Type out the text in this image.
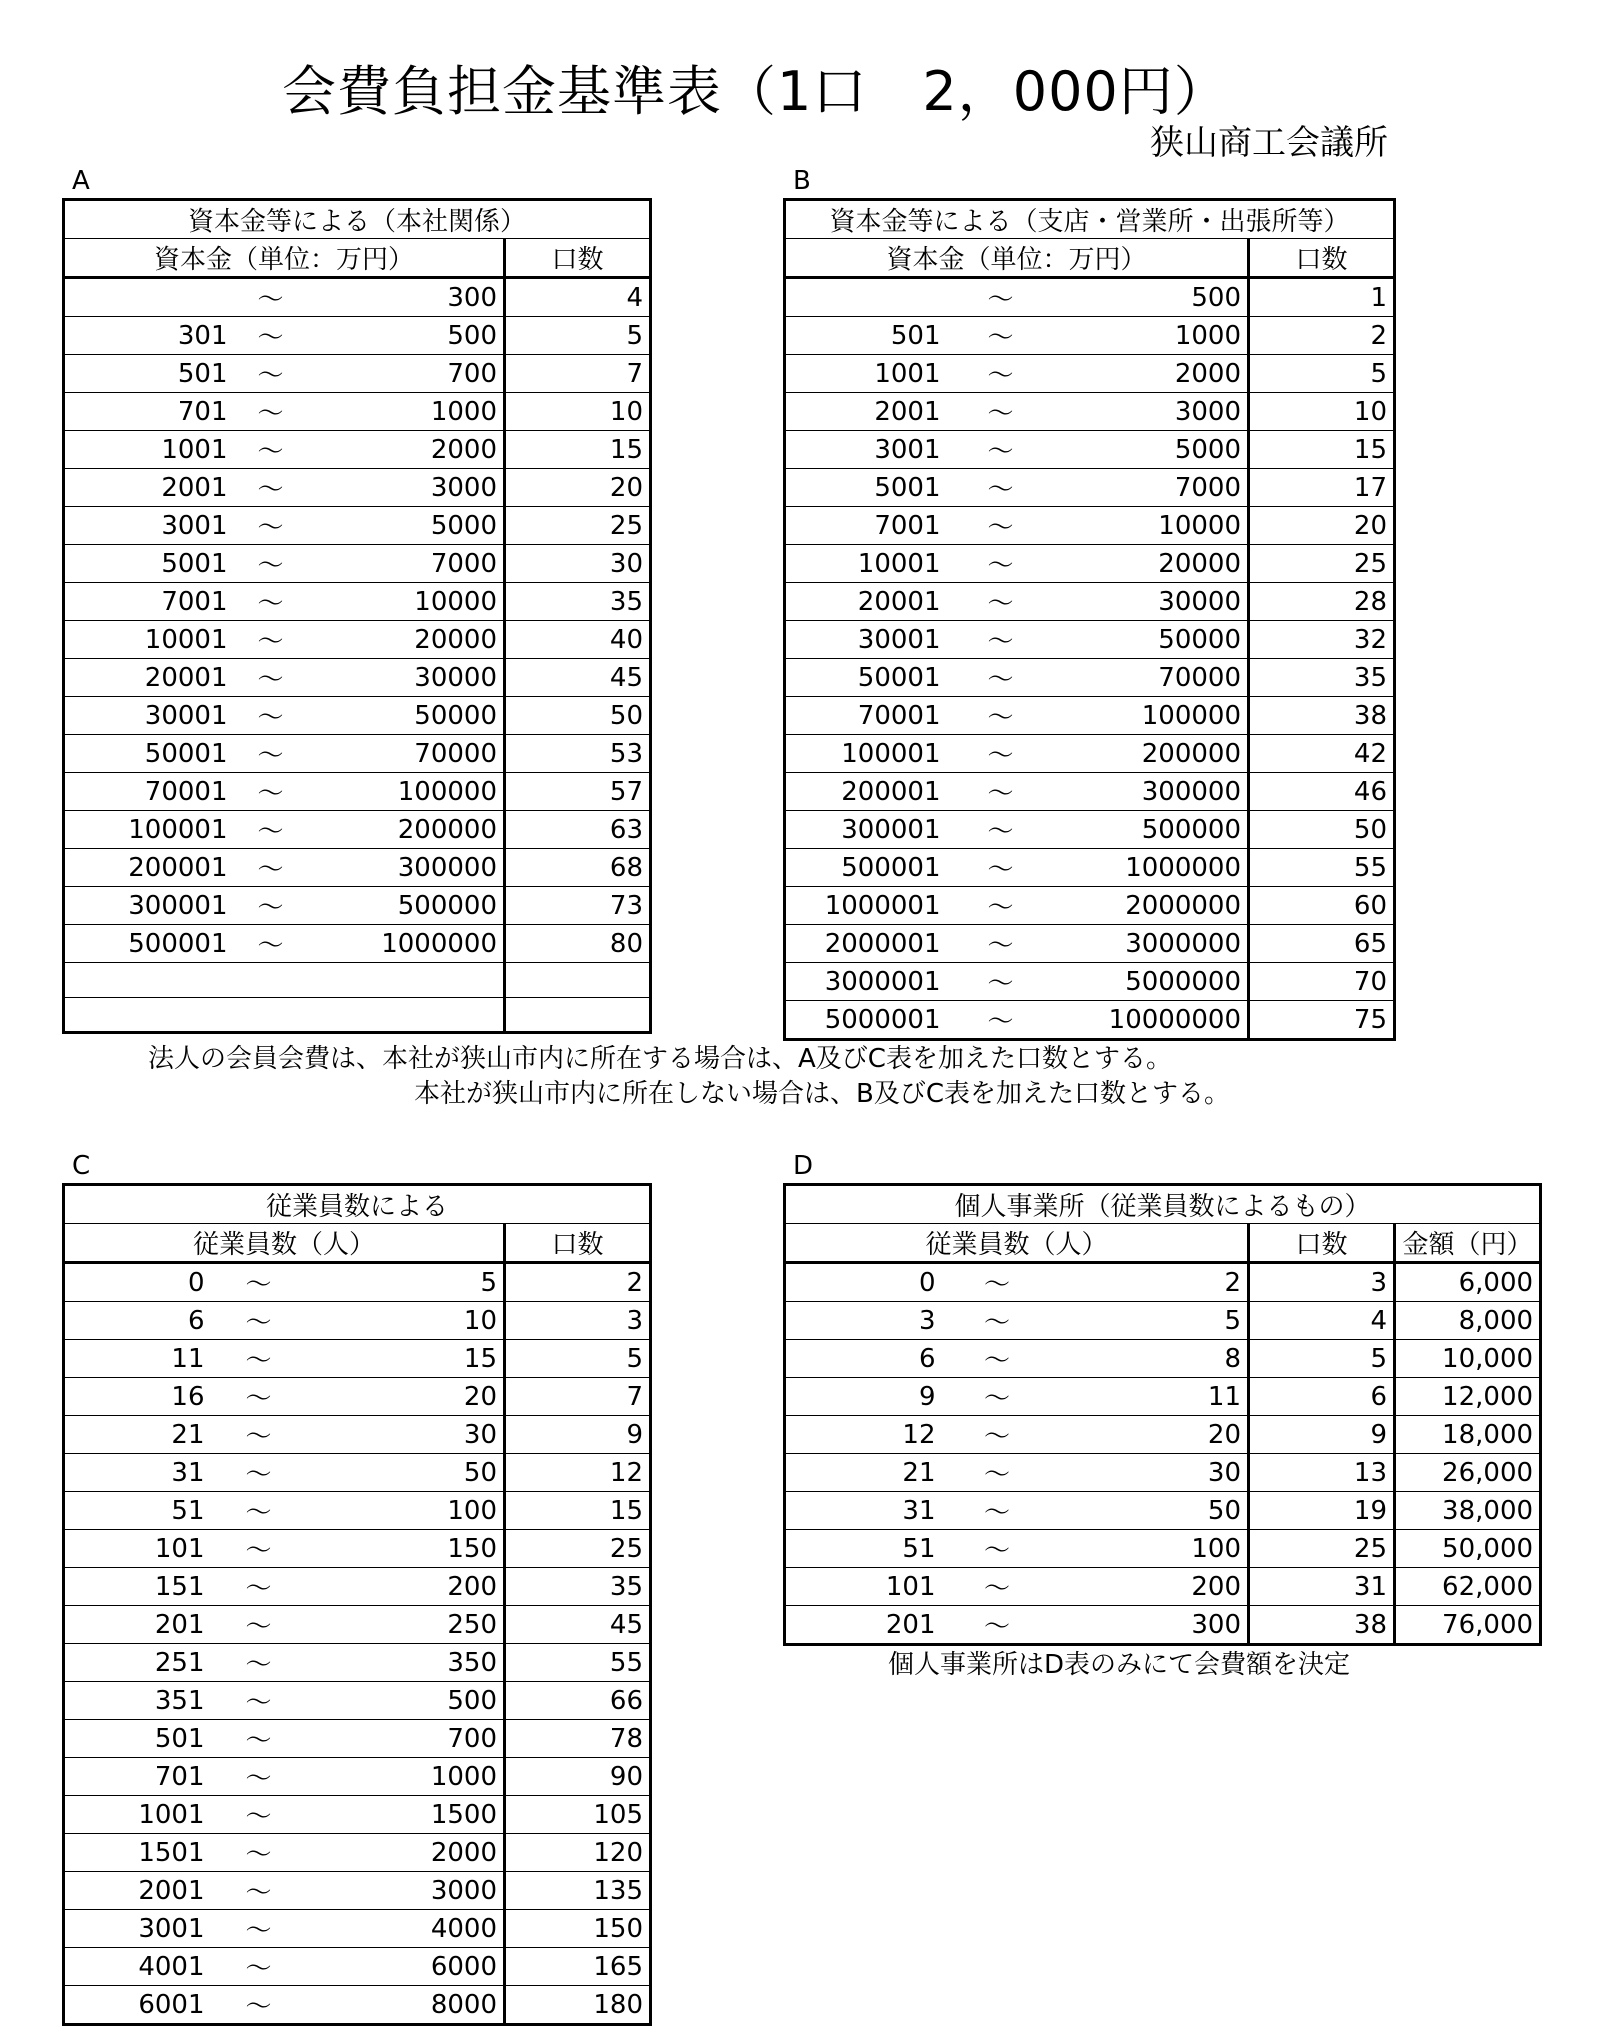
会費負担金基準表（1口　2，000円）
狭山商工会議所
A
資本金等による（本社関係）			
資本金（単位：万円）			口数
	～	300	4
301	～	500	5
501	～	700	7
701	～	1000	10
1001	～	2000	15
2001	～	3000	20
3001	～	5000	25
5001	～	7000	30
7001	～	10000	35
10001	～	20000	40
20001	～	30000	45
30001	～	50000	50
50001	～	70000	53
70001	～	100000	57
100001	～	200000	63
200001	～	300000	68
300001	～	500000	73
500001	～	1000000	80

B
資本金等による（支店・営業所・出張所等）			
資本金（単位：万円）			口数
	～	500	1
501	～	1000	2
1001	～	2000	5
2001	～	3000	10
3001	～	5000	15
5001	～	7000	17
7001	～	10000	20
10001	～	20000	25
20001	～	30000	28
30001	～	50000	32
50001	～	70000	35
70001	～	100000	38
100001	～	200000	42
200001	～	300000	46
300001	～	500000	50
500001	～	1000000	55
1000001	～	2000000	60
2000001	～	3000000	65
3000001	～	5000000	70
5000001	～	10000000	75
法人の会員会費は、本社が狭山市内に所在する場合は、A及びC表を加えた口数とする。
本社が狭山市内に所在しない場合は、B及びC表を加えた口数とする。
C
従業員数による			
従業員数（人）			口数
0	～	5	2
6	～	10	3
11	～	15	5
16	～	20	7
21	～	30	9
31	～	50	12
51	～	100	15
101	～	150	25
151	～	200	35
201	～	250	45
251	～	350	55
351	～	500	66
501	～	700	78
701	～	1000	90
1001	～	1500	105
1501	～	2000	120
2001	～	3000	135
3001	～	4000	150
4001	～	6000	165
6001	～	8000	180
D
個人事業所（従業員数によるもの）				
従業員数（人）			口数	金額（円）
0	～	2	3	6,000
3	～	5	4	8,000
6	～	8	5	10,000
9	～	11	6	12,000
12	～	20	9	18,000
21	～	30	13	26,000
31	～	50	19	38,000
51	～	100	25	50,000
101	～	200	31	62,000
201	～	300	38	76,000
個人事業所はD表のみにて会費額を決定
